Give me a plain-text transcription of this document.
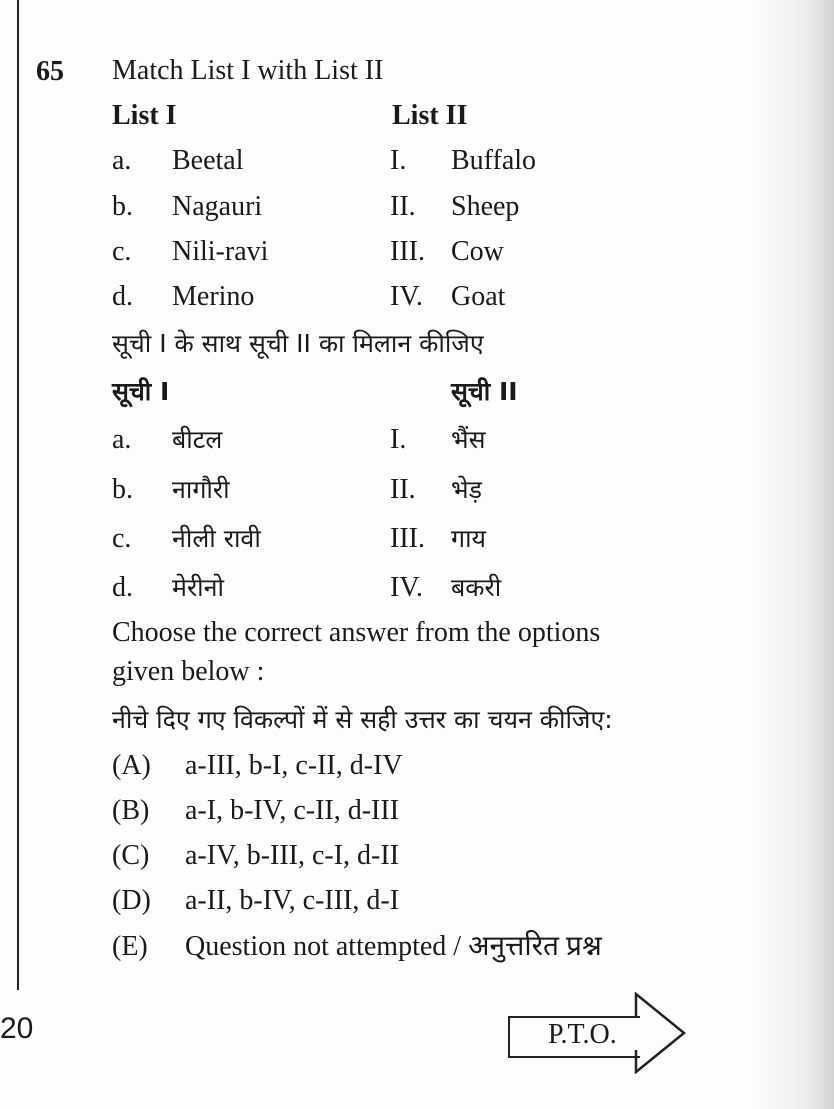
65 Match List I with List II
List I	List II
a. Beetal	I. Buffalo
b. Nagauri	II. Sheep
c. Nili-ravi	III. Cow
d. Merino	IV. Goat
सूची I के साथ सूची II का मिलान कीजिए
सूची I	सूची II
a. बीटल	I. भैंस
b. नागौरी	II. भेड़
c. नीली रावी	III. गाय
d. मेरीनो	IV. बकरी
Choose the correct answer from the options
given below :
नीचे दिए गए विकल्पों में से सही उत्तर का चयन कीजिए:
(A) a-III, b-I, c-II, d-IV
(B) a-I, b-IV, c-II, d-III
(C) a-IV, b-III, c-I, d-II
(D) a-II, b-IV, c-III, d-I
(E) Question not attempted / अनुत्तरित प्रश्न
20	P.T.O.
